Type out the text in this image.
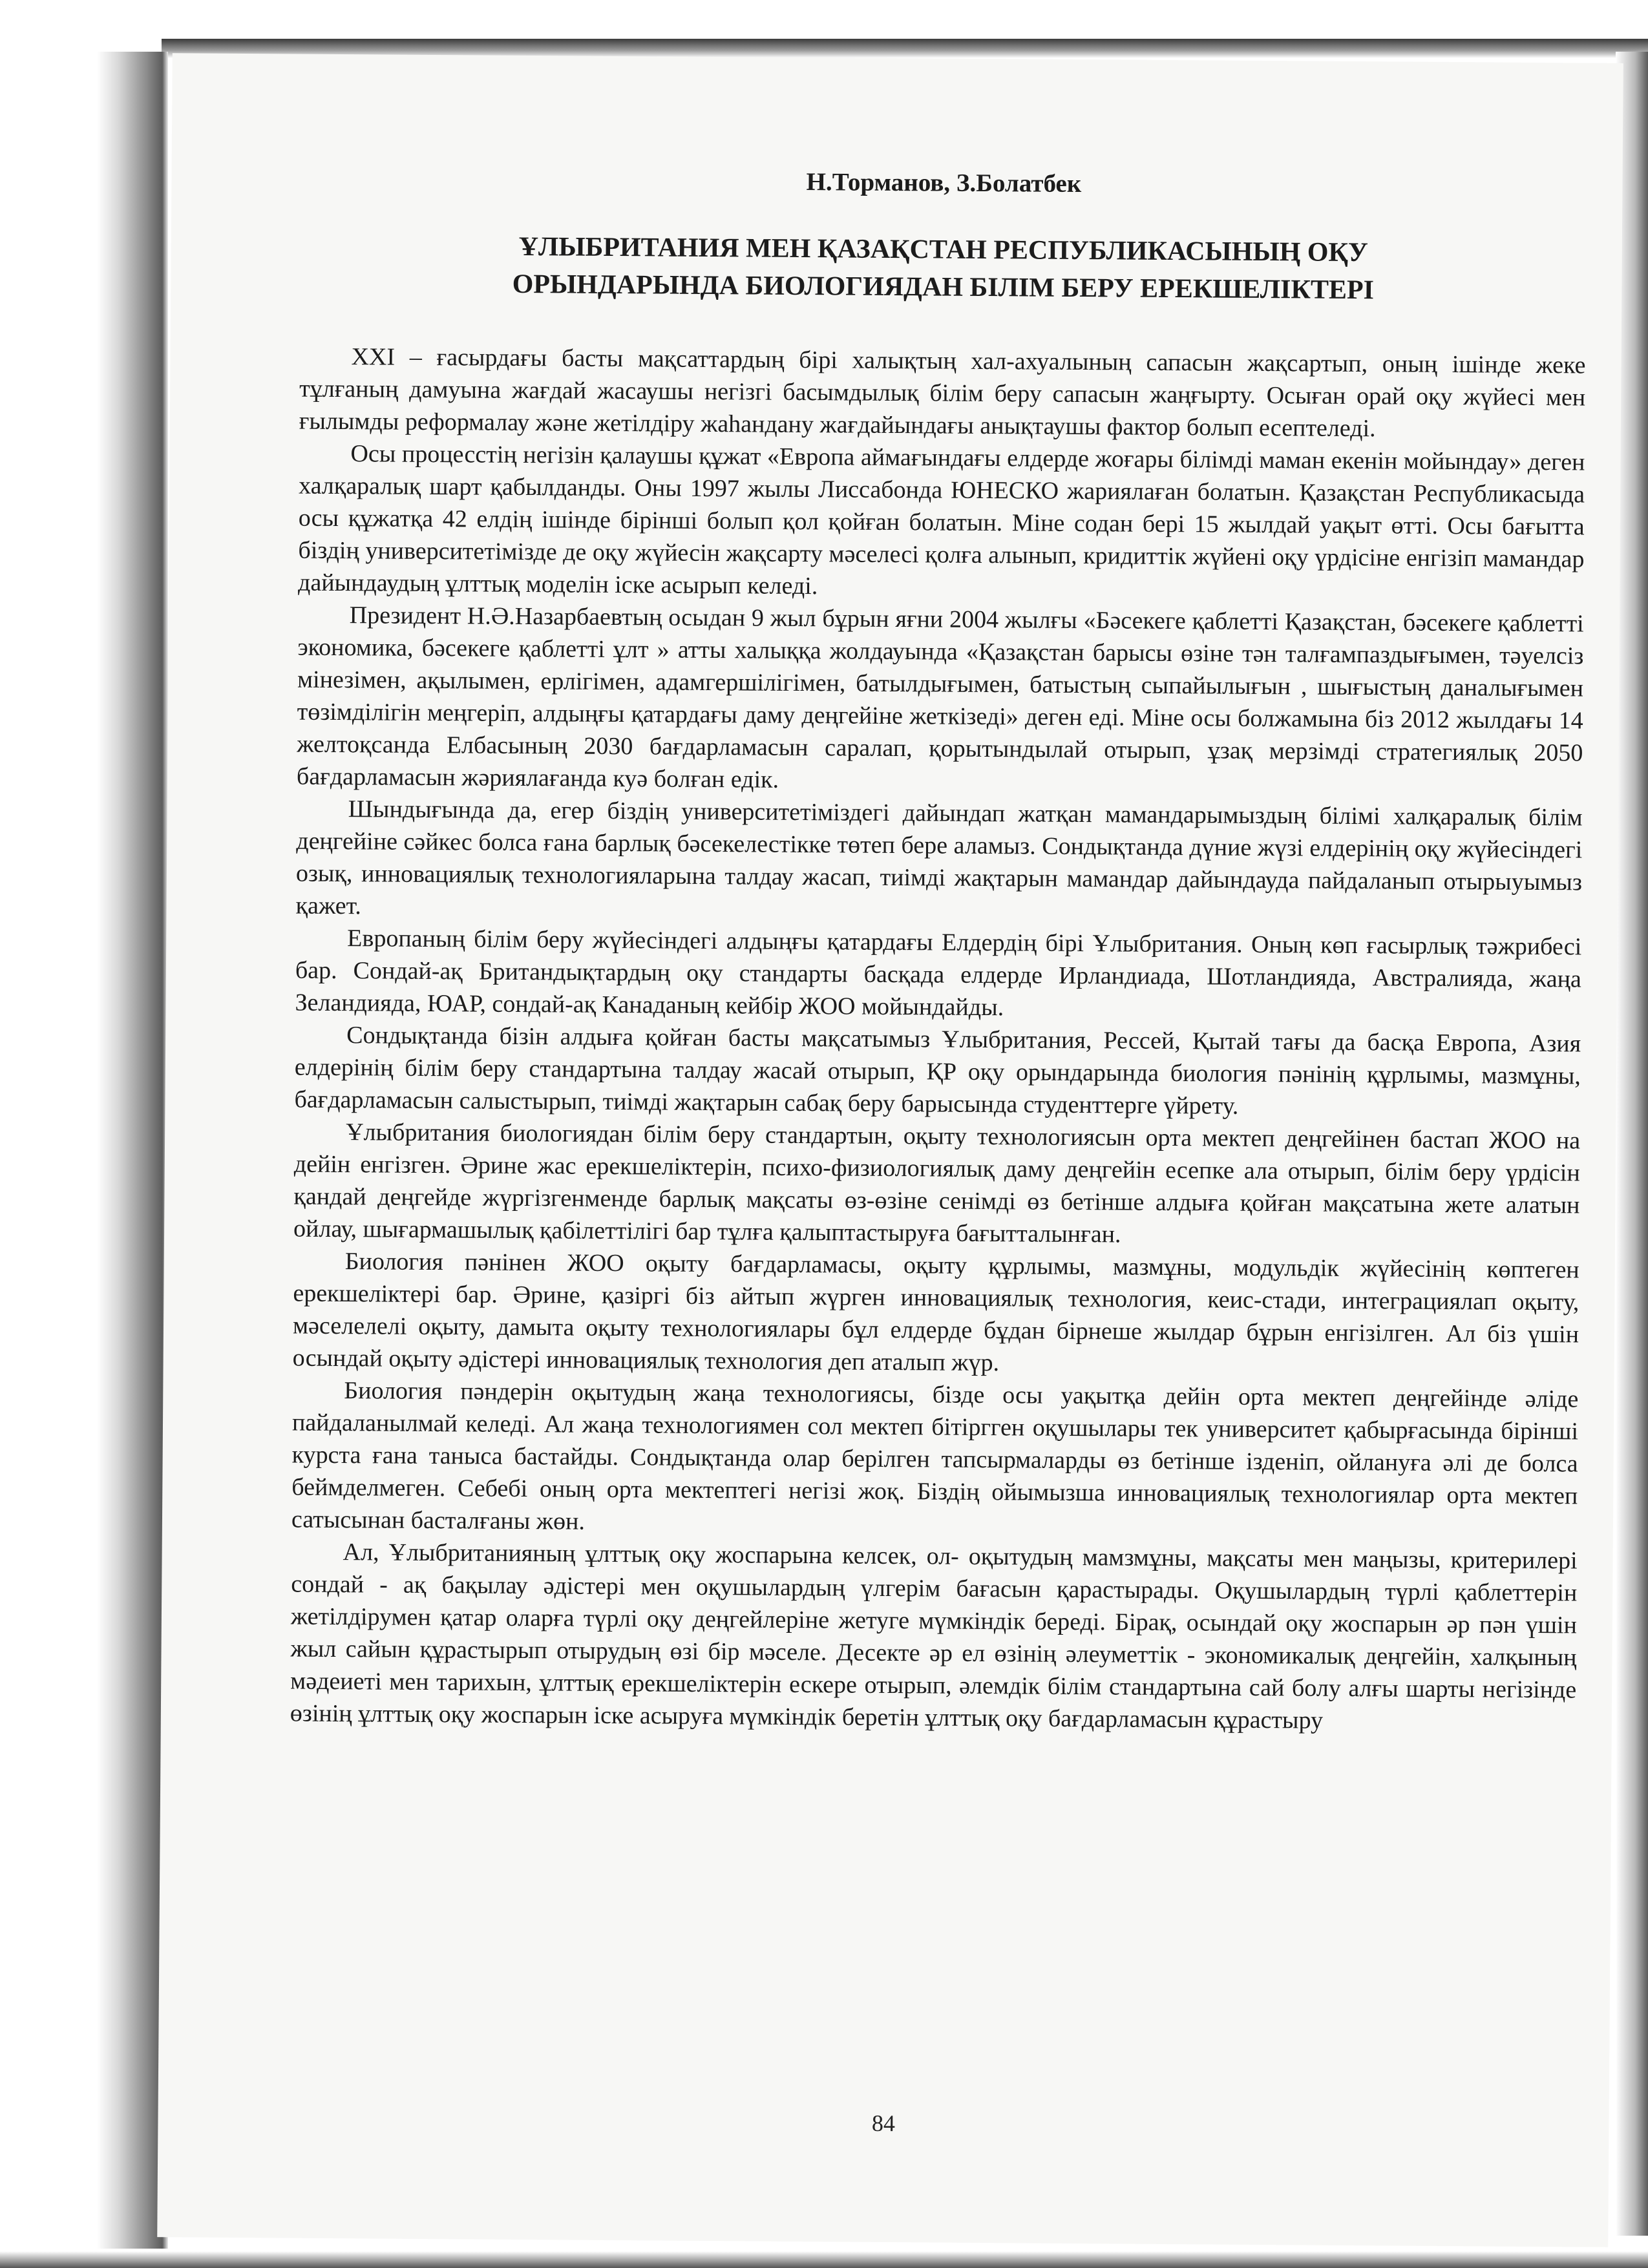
Н.Торманов, З.Болатбек
ҰЛЫБРИТАНИЯ МЕН ҚАЗАҚСТАН РЕСПУБЛИКАСЫНЫҢ ОҚУ
ОРЫНДАРЫНДА БИОЛОГИЯДАН БІЛІМ БЕРУ ЕРЕКШЕЛІКТЕРІ

XXI – ғасырдағы басты мақсаттардың бірі халықтың хал-ахуалының сапасын жақсартып, оның ішінде жеке тұлғаның дамуына жағдай жасаушы негізгі басымдылық білім беру сапасын жаңғырту. Осыған орай оқу жүйесі мен ғылымды реформалау және жетілдіру жаһандану жағдайындағы анықтаушы фактор болып есептеледі.

Осы процесстің негізін қалаушы құжат «Европа аймағындағы елдерде жоғары білімді маман екенін мойындау» деген халқаралық шарт қабылданды. Оны 1997 жылы Лиссабонда ЮНЕСКО жариялаған болатын. Қазақстан Республикасыда осы құжатқа 42 елдің ішінде бірінші болып қол қойған болатын. Міне содан бері 15 жылдай уақыт өтті. Осы бағытта біздің университетімізде де оқу жүйесін жақсарту мәселесі қолға алынып, кридиттік жүйені оқу үрдісіне енгізіп мамандар дайындаудың ұлттық моделін іске асырып келеді.

Президент Н.Ә.Назарбаевтың осыдан 9 жыл бұрын яғни 2004 жылғы «Бәсекеге қаблетті Қазақстан, бәсекеге қаблетті экономика, бәсекеге қаблетті ұлт » атты халыққа жолдауында «Қазақстан барысы өзіне тән талғампаздығымен, тәуелсіз мінезімен, ақылымен, ерлігімен, адамгершілігімен, батылдығымен, батыстың сыпайылығын , шығыстың даналығымен төзімділігін меңгеріп, алдыңғы қатардағы даму деңгейіне жеткізеді» деген еді. Міне осы болжамына біз 2012 жылдағы 14 желтоқсанда Елбасының 2030 бағдарламасын саралап, қорытындылай отырып, ұзақ мерзімді стратегиялық 2050 бағдарламасын жәриялағанда куә болған едік.

Шындығында да, егер біздің университетіміздегі дайындап жатқан мамандарымыздың білімі халқаралық білім деңгейіне сәйкес болса ғана барлық бәсекелестікке төтеп бере аламыз. Сондықтанда дүние жүзі елдерінің оқу жүйесіндегі озық, инновациялық технологияларына талдау жасап, тиімді жақтарын мамандар дайындауда пайдаланып отырыуымыз қажет.

Европаның білім беру жүйесіндегі алдыңғы қатардағы Елдердің бірі Ұлыбритания. Оның көп ғасырлық тәжрибесі бар. Сондай-ақ Британдықтардың оқу стандарты басқада елдерде Ирландиада, Шотландияда, Австралияда, жаңа Зеландияда, ЮАР, сондай-ақ Канаданың кейбір ЖОО мойындайды.

Сондықтанда бізін алдыға қойған басты мақсатымыз Ұлыбритания, Рессей, Қытай тағы да басқа Европа, Азия елдерінің білім беру стандартына талдау жасай отырып, ҚР оқу орындарында биология пәнінің құрлымы, мазмұны, бағдарламасын салыстырып, тиімді жақтарын сабақ беру барысында студенттерге үйрету.

Ұлыбритания биологиядан білім беру стандартын, оқыту технологиясын орта мектеп деңгейінен бастап ЖОО на дейін енгізген. Әрине жас ерекшеліктерін, психо-физиологиялық даму деңгейін есепке ала отырып, білім беру үрдісін қандай деңгейде жүргізгенменде барлық мақсаты өз-өзіне сенімді өз бетінше алдыға қойған мақсатына жете алатын ойлау, шығармашылық қабілеттілігі бар тұлға қалыптастыруға бағытталынған.

Биология пәнінен ЖОО оқыту бағдарламасы, оқыту құрлымы, мазмұны, модульдік жүйесінің көптеген ерекшеліктері бар. Әрине, қазіргі біз айтып жүрген инновациялық технология, кеис-стади, интеграциялап оқыту, мәселелелі оқыту, дамыта оқыту технологиялары бұл елдерде бұдан бірнеше жылдар бұрын енгізілген. Ал біз үшін осындай оқыту әдістері инновациялық технология деп аталып жүр.

Биология пәндерін оқытудың жаңа технологиясы, бізде осы уақытқа дейін орта мектеп деңгейінде әліде пайдаланылмай келеді. Ал жаңа технологиямен сол мектеп бітіргген оқушылары тек университет қабырғасында бірінші курста ғана таныса бастайды. Сондықтанда олар берілген тапсырмаларды өз бетінше ізденіп, ойлануға әлі де болса беймделмеген. Себебі оның орта мектептегі негізі жоқ. Біздің ойымызша инновациялық технологиялар орта мектеп сатысынан басталғаны жөн.

Ал, Ұлыбританияның ұлттық оқу жоспарына келсек, ол- оқытудың мамзмұны, мақсаты мен маңызы, критерилері сондай - ақ бақылау әдістері мен оқушылардың үлгерім бағасын қарастырады. Оқушылардың түрлі қаблеттерін жетілдірумен қатар оларға түрлі оқу деңгейлеріне жетуге мүмкіндік береді. Бірақ, осындай оқу жоспарын әр пән үшін жыл сайын құрастырып отырудың өзі бір мәселе. Десекте әр ел өзінің әлеуметтік - экономикалық деңгейін, халқының мәдеиеті мен тарихын, ұлттық ерекшеліктерін ескере отырып, әлемдік білім стандартына сай болу алғы шарты негізінде өзінің ұлттық оқу жоспарын іске асыруға мүмкіндік беретін ұлттық оқу бағдарламасын құрастыру

84
